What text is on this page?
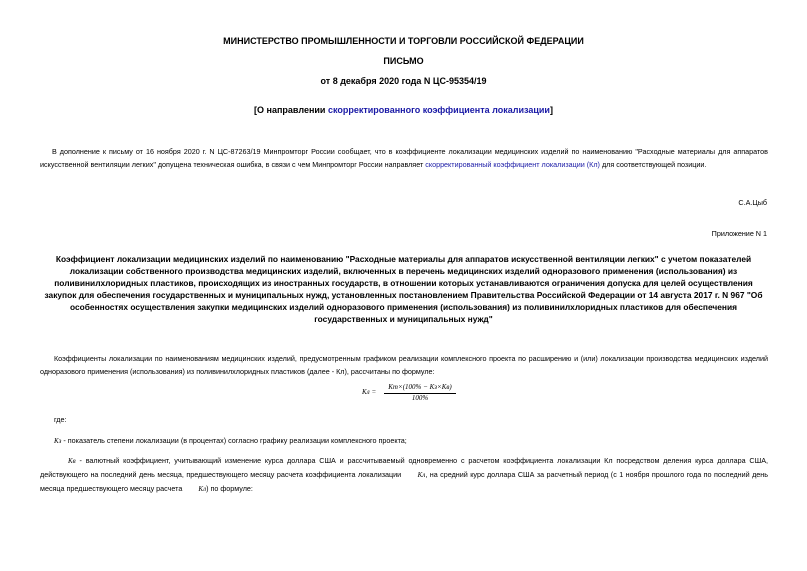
МИНИСТЕРСТВО ПРОМЫШЛЕННОСТИ И ТОРГОВЛИ РОССИЙСКОЙ ФЕДЕРАЦИИ
ПИСЬМО
от 8 декабря 2020 года N ЦС-95354/19
[О направлении скорректированного коэффициента локализации]
В дополнение к письму от 16 ноября 2020 г. N ЦС-87263/19 Минпромторг России сообщает, что в коэффициенте локализации медицинских изделий по наименованию "Расходные материалы для аппаратов искусственной вентиляции легких" допущена техническая ошибка, в связи с чем Минпромторг России направляет скорректированный коэффициент локализации (Кл) для соответствующей позиции.
С.А.Цыб
Приложение N 1
Коэффициент локализации медицинских изделий по наименованию "Расходные материалы для аппаратов искусственной вентиляции легких" с учетом показателей локализации собственного производства медицинских изделий, включенных в перечень медицинских изделий одноразового применения (использования) из поливинилхлоридных пластиков, происходящих из иностранных государств, в отношении которых устанавливаются ограничения допуска для целей осуществления закупок для обеспечения государственных и муниципальных нужд, установленных постановлением Правительства Российской Федерации от 14 августа 2017 г. N 967 "Об особенностях осуществления закупки медицинских изделий одноразового применения (использования) из поливинилхлоридных пластиков для обеспечения государственных и муниципальных нужд"
Коэффициенты локализации по наименованиям медицинских изделий, предусмотренным графиком реализации комплексного проекта по расширению и (или) локализации производства медицинских изделий одноразового применения (использования) из поливинилхлоридных пластиков (далее - Кл), рассчитаны по формуле:
Кл =
Кт×(100% − Кз×Кв)
100%
где:
Кз - показатель степени локализации (в процентах) согласно графику реализации комплексного проекта;
Кв - валютный коэффициент, учитывающий изменение курса доллара США и рассчитываемый одновременно с расчетом коэффициента локализации Кл посредством деления курса доллара США, действующего на последний день месяца, предшествующего месяцу расчета коэффициента локализации Кл, на средний курс доллара США за расчетный период (с 1 ноября прошлого года по последний день месяца предшествующего месяцу расчета Кл) по формуле:
